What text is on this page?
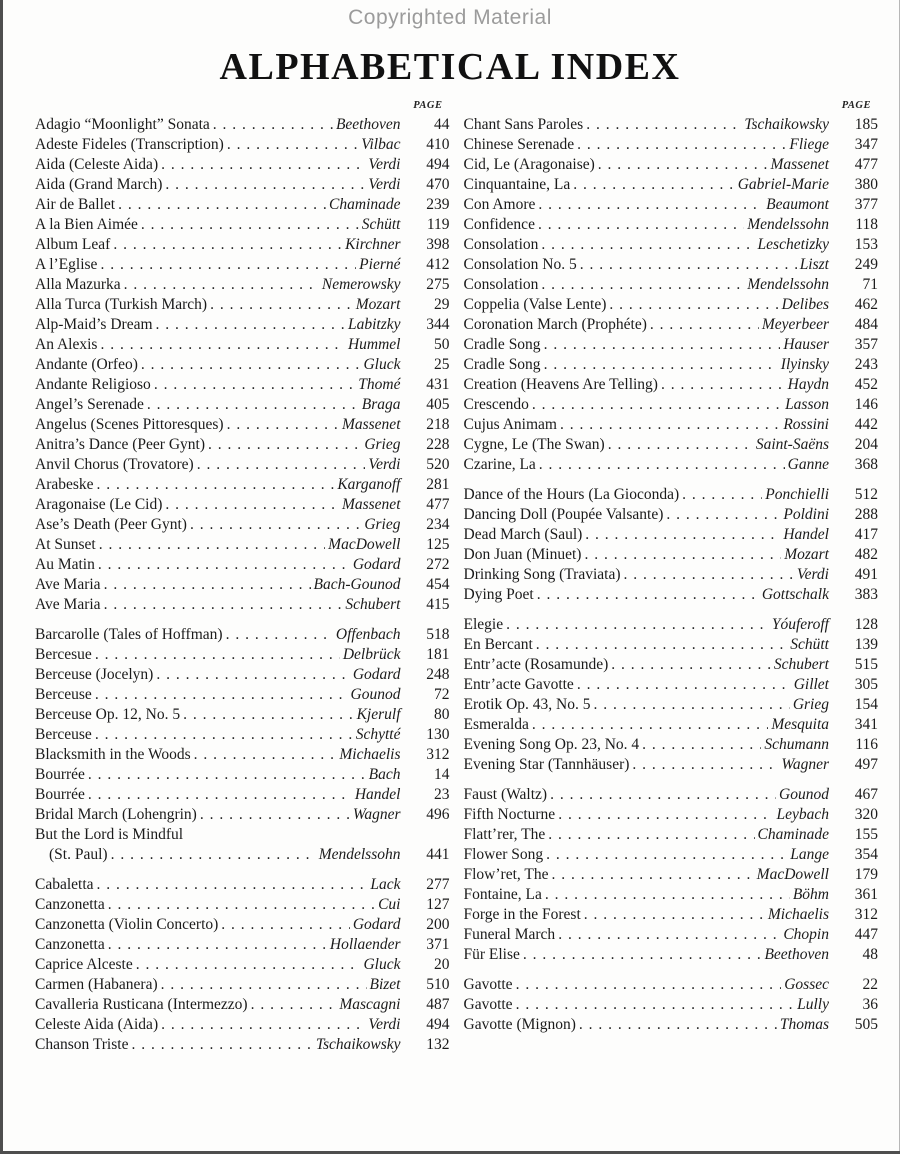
Copyrighted Material
ALPHABETICAL INDEX
PAGE
Adagio “Moonlight” Sonata . . .	Beethoven	44
Adeste Fideles (Transcription) . . .	Vilbac	410
Aida (Celeste Aida) . . .	Verdi	494
Aida (Grand March) . . .	Verdi	470
Air de Ballet . . .	Chaminade	239
A la Bien Aimée . . .	Schütt	119
Album Leaf . . .	Kirchner	398
A l’Eglise . . .	Pierné	412
Alla Mazurka . . .	Nemerowsky	275
Alla Turca (Turkish March) . . .	Mozart	29
Alp-Maid’s Dream . . .	Labitzky	344
An Alexis . . .	Hummel	50
Andante (Orfeo) . . .	Gluck	25
Andante Religioso . . .	Thomé	431
Angel’s Serenade . . .	Braga	405
Angelus (Scenes Pittoresques) . . .	Massenet	218
Anitra’s Dance (Peer Gynt) . . .	Grieg	228
Anvil Chorus (Trovatore) . . .	Verdi	520
Arabeske . . .	Karganoff	281
Aragonaise (Le Cid) . . .	Massenet	477
Ase’s Death (Peer Gynt) . . .	Grieg	234
At Sunset . . .	MacDowell	125
Au Matin . . .	Godard	272
Ave Maria . . .	Bach-Gounod	454
Ave Maria . . .	Schubert	415
Barcarolle (Tales of Hoffman) . . .	Offenbach	518
Bercesue . . .	Delbrück	181
Berceuse (Jocelyn) . . .	Godard	248
Berceuse . . .	Gounod	72
Berceuse Op. 12, No. 5 . . .	Kjerulf	80
Berceuse . . .	Schytté	130
Blacksmith in the Woods . . .	Michaelis	312
Bourrée . . .	Bach	14
Bourrée . . .	Handel	23
Bridal March (Lohengrin) . . .	Wagner	496
But the Lord is Mindful
(St. Paul) . . .	Mendelssohn	441
Cabaletta . . .	Lack	277
Canzonetta . . .	Cui	127
Canzonetta (Violin Concerto) . . .	Godard	200
Canzonetta . . .	Hollaender	371
Caprice Alceste . . .	Gluck	20
Carmen (Habanera) . . .	Bizet	510
Cavalleria Rusticana (Intermezzo) . . .	Mascagni	487
Celeste Aida (Aida) . . .	Verdi	494
Chanson Triste . . .	Tschaikowsky	132
PAGE
Chant Sans Paroles . . .	Tschaikowsky	185
Chinese Serenade . . .	Fliege	347
Cid, Le (Aragonaise) . . .	Massenet	477
Cinquantaine, La . . .	Gabriel-Marie	380
Con Amore . . .	Beaumont	377
Confidence . . .	Mendelssohn	118
Consolation . . .	Leschetizky	153
Consolation No. 5 . . .	Liszt	249
Consolation . . .	Mendelssohn	71
Coppelia (Valse Lente) . . .	Delibes	462
Coronation March (Prophéte) . . .	Meyerbeer	484
Cradle Song . . .	Hauser	357
Cradle Song . . .	Ilyinsky	243
Creation (Heavens Are Telling) . . .	Haydn	452
Crescendo . . .	Lasson	146
Cujus Animam . . .	Rossini	442
Cygne, Le (The Swan) . . .	Saint-Saëns	204
Czarine, La . . .	Ganne	368
Dance of the Hours (La Gioconda) . . .	Ponchielli	512
Dancing Doll (Poupée Valsante) . . .	Poldini	288
Dead March (Saul) . . .	Handel	417
Don Juan (Minuet) . . .	Mozart	482
Drinking Song (Traviata) . . .	Verdi	491
Dying Poet . . .	Gottschalk	383
Elegie . . .	Yóuferoff	128
En Bercant . . .	Schütt	139
Entr’acte (Rosamunde) . . .	Schubert	515
Entr’acte Gavotte . . .	Gillet	305
Erotik Op. 43, No. 5 . . .	Grieg	154
Esmeralda . . .	Mesquita	341
Evening Song Op. 23, No. 4 . . .	Schumann	116
Evening Star (Tannhäuser) . . .	Wagner	497
Faust (Waltz) . . .	Gounod	467
Fifth Nocturne . . .	Leybach	320
Flatt’rer, The . . .	Chaminade	155
Flower Song . . .	Lange	354
Flow’ret, The . . .	MacDowell	179
Fontaine, La . . .	Böhm	361
Forge in the Forest . . .	Michaelis	312
Funeral March . . .	Chopin	447
Für Elise . . .	Beethoven	48
Gavotte . . .	Gossec	22
Gavotte . . .	Lully	36
Gavotte (Mignon) . . .	Thomas	505
